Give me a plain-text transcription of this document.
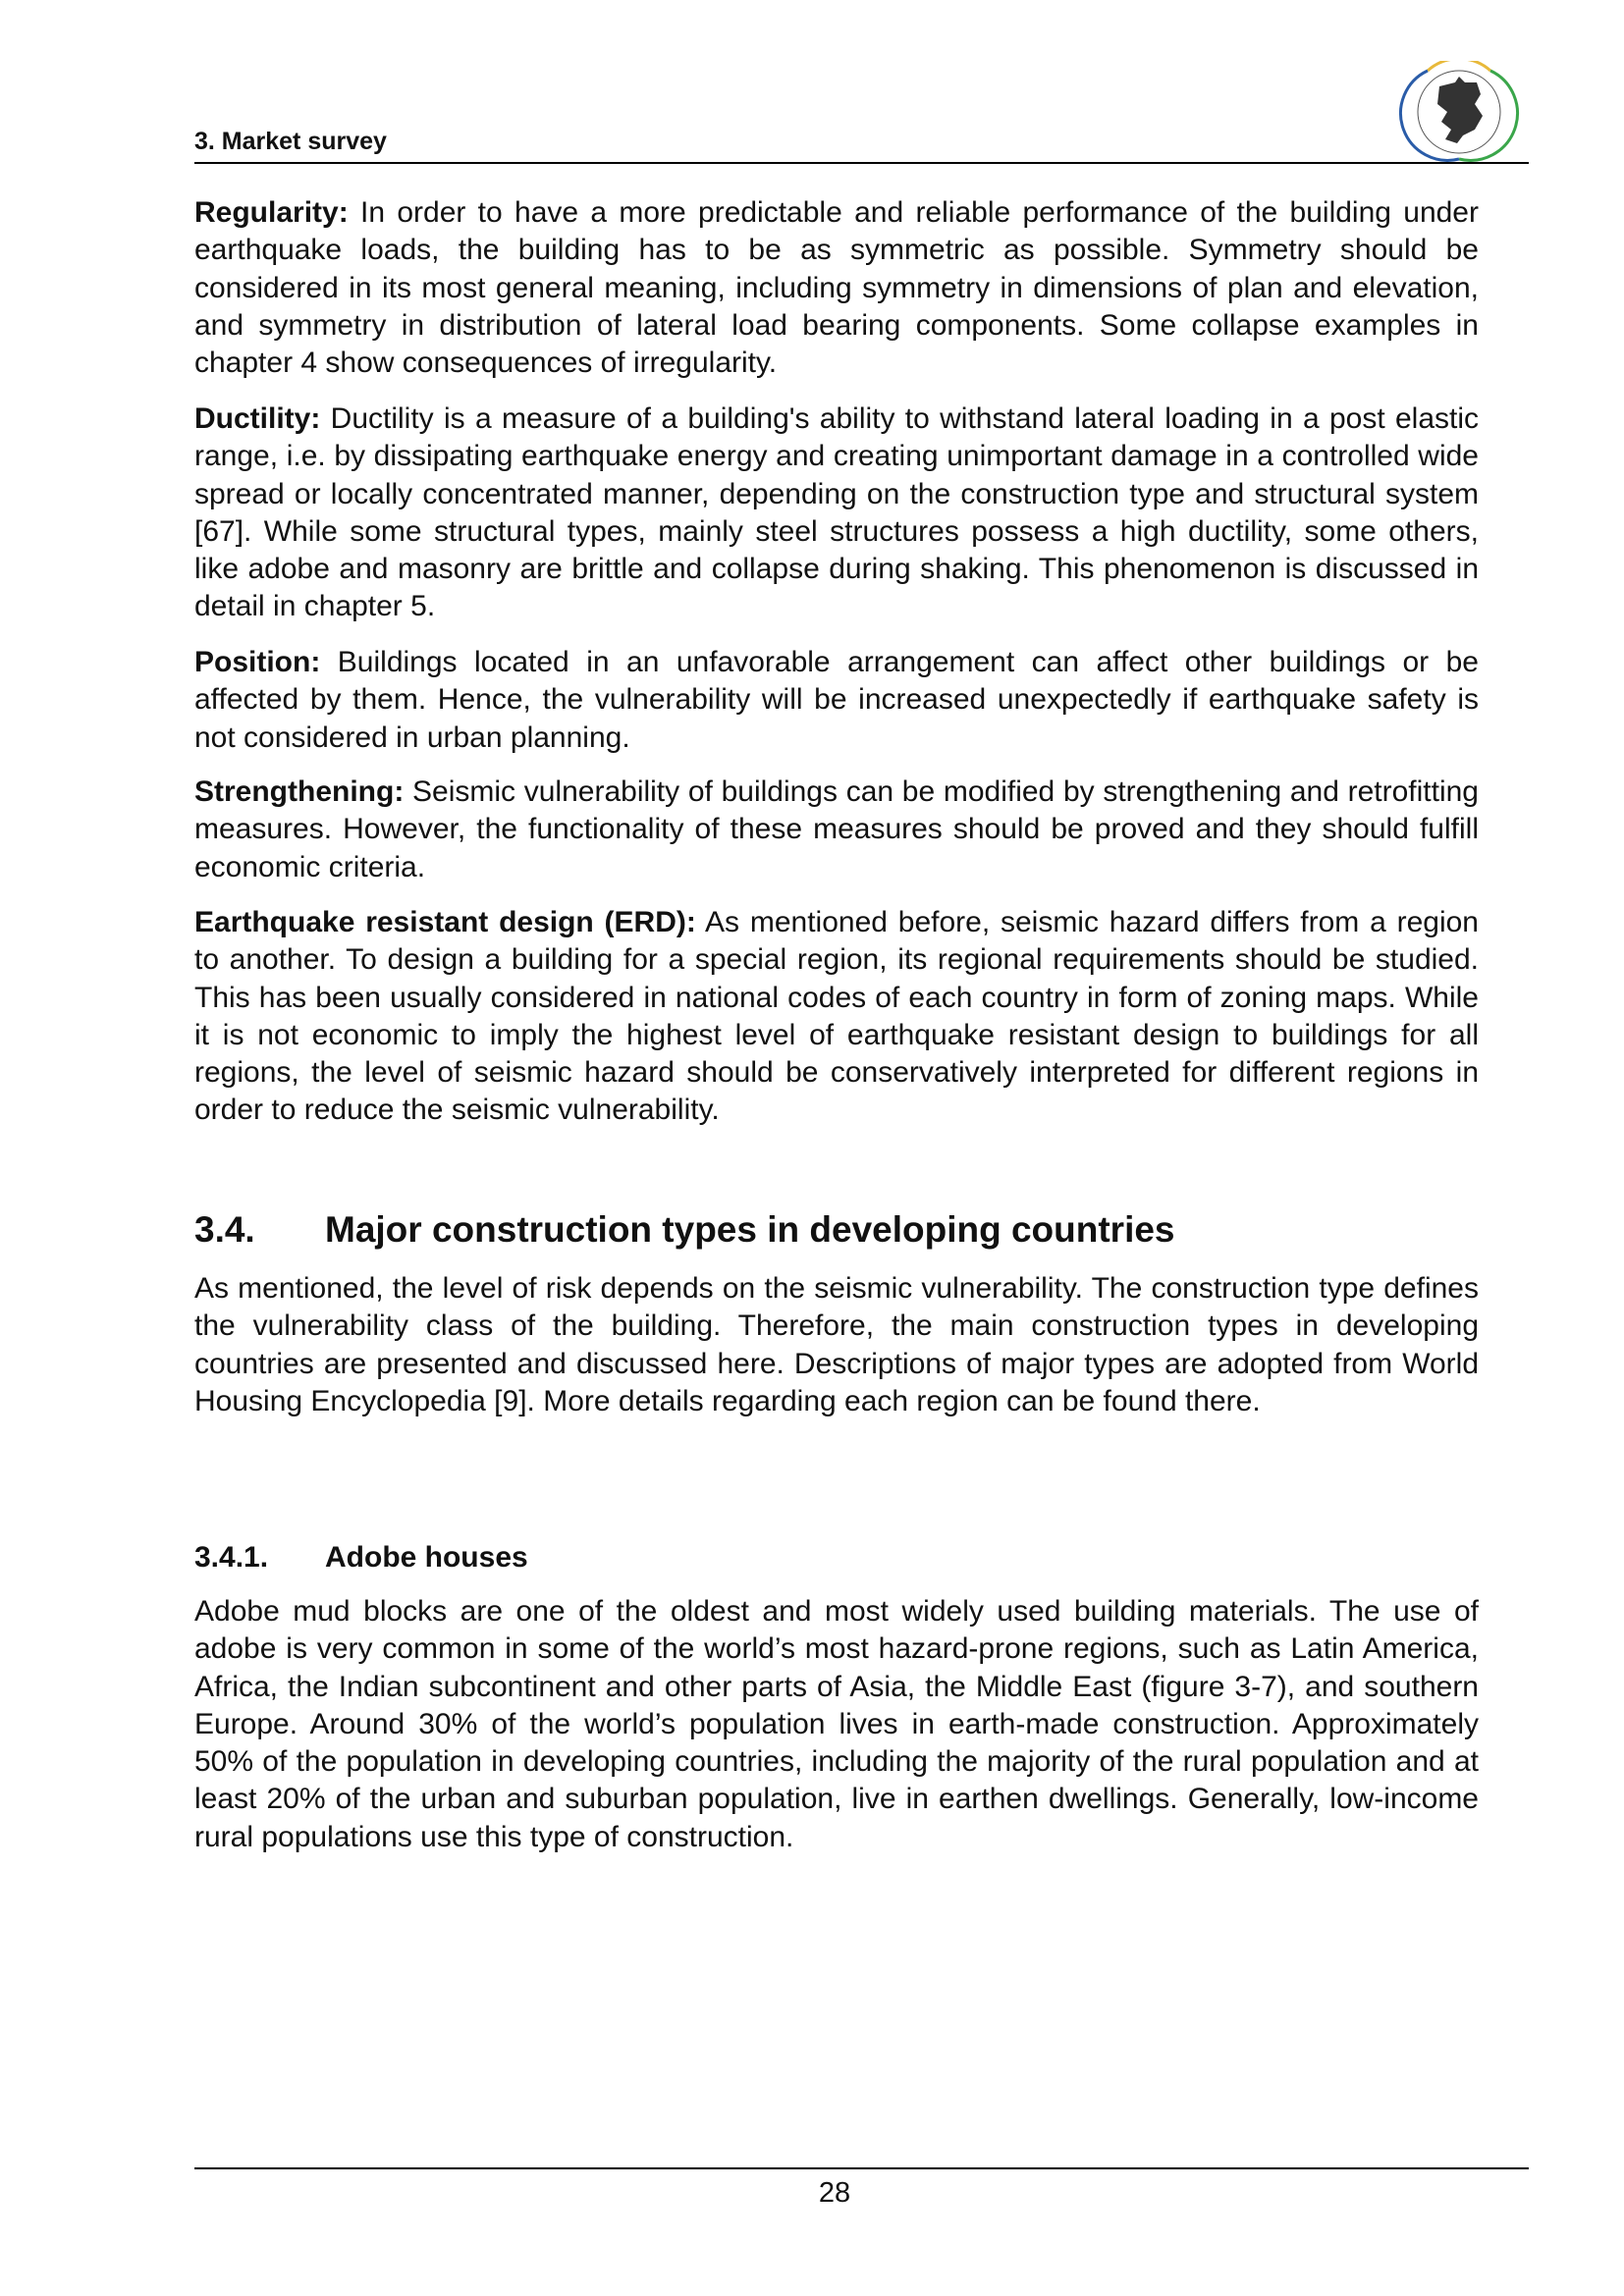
3. Market survey
Regularity: In order to have a more predictable and reliable performance of the building under earthquake loads, the building has to be as symmetric as possible. Symmetry should be considered in its most general meaning, including symmetry in dimensions of plan and elevation, and symmetry in distribution of lateral load bearing components. Some collapse examples in chapter 4 show consequences of irregularity.
Ductility: Ductility is a measure of a building's ability to withstand lateral loading in a post elastic range, i.e. by dissipating earthquake energy and creating unimportant damage in a controlled wide spread or locally concentrated manner, depending on the construction type and structural system [67]. While some structural types, mainly steel structures possess a high ductility, some others, like adobe and masonry are brittle and collapse during shaking. This phenomenon is discussed in detail in chapter 5.
Position: Buildings located in an unfavorable arrangement can affect other buildings or be affected by them. Hence, the vulnerability will be increased unexpectedly if earthquake safety is not considered in urban planning.
Strengthening: Seismic vulnerability of buildings can be modified by strengthening and retrofitting measures. However, the functionality of these measures should be proved and they should fulfill economic criteria.
Earthquake resistant design (ERD): As mentioned before, seismic hazard differs from a region to another. To design a building for a special region, its regional requirements should be studied. This has been usually considered in national codes of each country in form of zoning maps. While it is not economic to imply the highest level of earthquake resistant design to buildings for all regions, the level of seismic hazard should be conservatively interpreted for different regions in order to reduce the seismic vulnerability.
3.4. Major construction types in developing countries
As mentioned, the level of risk depends on the seismic vulnerability. The construction type defines the vulnerability class of the building. Therefore, the main construction types in developing countries are presented and discussed here. Descriptions of major types are adopted from World Housing Encyclopedia [9]. More details regarding each region can be found there.
3.4.1. Adobe houses
Adobe mud blocks are one of the oldest and most widely used building materials. The use of adobe is very common in some of the world’s most hazard-prone regions, such as Latin America, Africa, the Indian subcontinent and other parts of Asia, the Middle East (figure 3-7), and southern Europe. Around 30% of the world’s population lives in earth-made construction. Approximately 50% of the population in developing countries, including the majority of the rural population and at least 20% of the urban and suburban population, live in earthen dwellings. Generally, low-income rural populations use this type of construction.
28
